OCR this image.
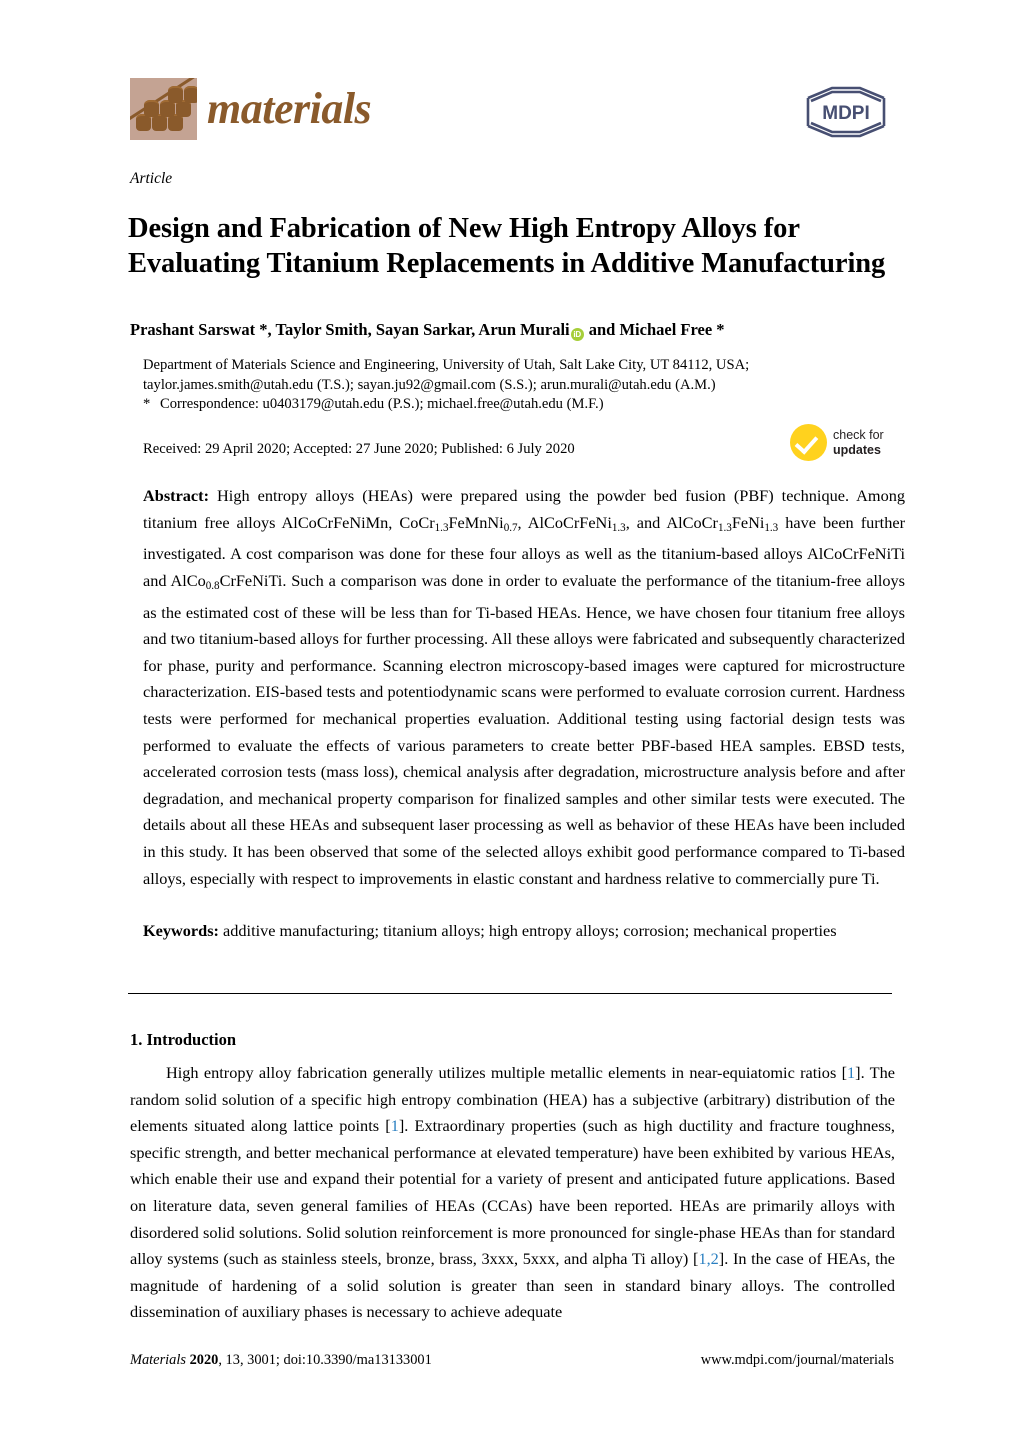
materials	MDPI
Article
Design and Fabrication of New High Entropy Alloys for Evaluating Titanium Replacements in Additive Manufacturing
Prashant Sarswat *, Taylor Smith, Sayan Sarkar, Arun Murali iD and Michael Free *
Department of Materials Science and Engineering, University of Utah, Salt Lake City, UT 84112, USA;
taylor.james.smith@utah.edu (T.S.); sayan.ju92@gmail.com (S.S.); arun.murali@utah.edu (A.M.)
* Correspondence: u0403179@utah.edu (P.S.); michael.free@utah.edu (M.F.)
Received: 29 April 2020; Accepted: 27 June 2020; Published: 6 July 2020
check for
updates
Abstract: High entropy alloys (HEAs) were prepared using the powder bed fusion (PBF) technique. Among titanium free alloys AlCoCrFeNiMn, CoCr$_{1.3}$FeMnNi$_{0.7}$, AlCoCrFeNi$_{1.3}$, and AlCoCr$_{1.3}$FeNi$_{1.3}$ have been further investigated. A cost comparison was done for these four alloys as well as the titanium-based alloys AlCoCrFeNiTi and AlCo$_{0.8}$CrFeNiTi. Such a comparison was done in order to evaluate the performance of the titanium-free alloys as the estimated cost of these will be less than for Ti-based HEAs. Hence, we have chosen four titanium free alloys and two titanium-based alloys for further processing. All these alloys were fabricated and subsequently characterized for phase, purity and performance. Scanning electron microscopy-based images were captured for microstructure characterization. EIS-based tests and potentiodynamic scans were performed to evaluate corrosion current. Hardness tests were performed for mechanical properties evaluation. Additional testing using factorial design tests was performed to evaluate the effects of various parameters to create better PBF-based HEA samples. EBSD tests, accelerated corrosion tests (mass loss), chemical analysis after degradation, microstructure analysis before and after degradation, and mechanical property comparison for finalized samples and other similar tests were executed. The details about all these HEAs and subsequent laser processing as well as behavior of these HEAs have been included in this study. It has been observed that some of the selected alloys exhibit good performance compared to Ti-based alloys, especially with respect to improvements in elastic constant and hardness relative to commercially pure Ti.
Keywords: additive manufacturing; titanium alloys; high entropy alloys; corrosion; mechanical properties
1. Introduction
High entropy alloy fabrication generally utilizes multiple metallic elements in near-equiatomic ratios [1]. The random solid solution of a specific high entropy combination (HEA) has a subjective (arbitrary) distribution of the elements situated along lattice points [1]. Extraordinary properties (such as high ductility and fracture toughness, specific strength, and better mechanical performance at elevated temperature) have been exhibited by various HEAs, which enable their use and expand their potential for a variety of present and anticipated future applications. Based on literature data, seven general families of HEAs (CCAs) have been reported. HEAs are primarily alloys with disordered solid solutions. Solid solution reinforcement is more pronounced for single-phase HEAs than for standard alloy systems (such as stainless steels, bronze, brass, 3xxx, 5xxx, and alpha Ti alloy) [1,2]. In the case of HEAs, the magnitude of hardening of a solid solution is greater than seen in standard binary alloys. The controlled dissemination of auxiliary phases is necessary to achieve adequate
Materials 2020, 13, 3001; doi:10.3390/ma13133001	www.mdpi.com/journal/materials
